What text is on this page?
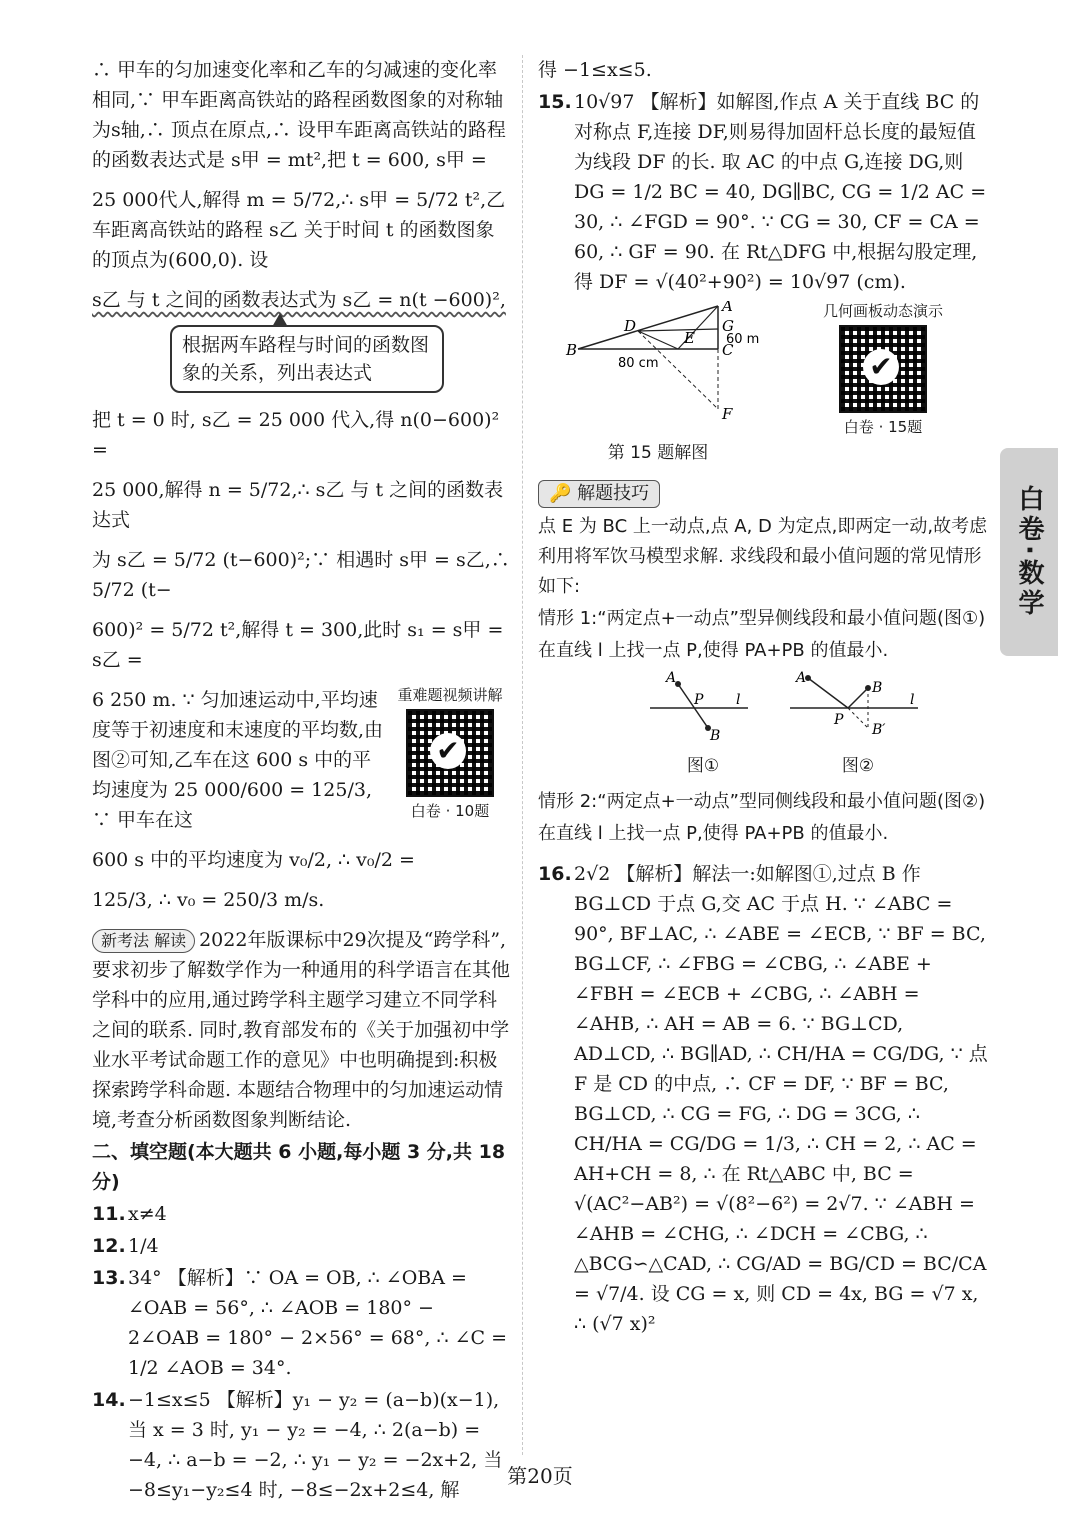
∴ 甲车的匀加速变化率和乙车的匀减速的变化率相同,∵ 甲车距离高铁站的路程函数图象的对称轴为s轴,∴ 顶点在原点,∴ 设甲车距离高铁站的路程的函数表达式是 s甲 = mt²,把 t = 600, s甲 =

25 000代人,解得 m = 5/72,∴ s甲 = 5/72 t²,乙车距离高铁站的路程 s乙 关于时间 t 的函数图象的顶点为(600,0). 设

s乙 与 t 之间的函数表达式为 s乙 = n(t −600)²,

根据两车路程与时间的函数图象的关系，列出表达式

把 t = 0 时, s乙 = 25 000 代入,得 n(0−600)² =

25 000,解得 n = 5/72,∴ s乙 与 t 之间的函数表达式

为 s乙 = 5/72 (t−600)²;∵ 相遇时 s甲 = s乙,∴ 5/72 (t−

600)² = 5/72 t²,解得 t = 300,此时 s₁ = s甲 = s乙 =

重难题视频讲解
✔
白卷 · 10题

6 250 m. ∵ 匀加速运动中,平均速度等于初速度和末速度的平均数,由图②可知,乙车在这 600 s 中的平均速度为 25 000/600 = 125/3, ∵ 甲车在这

600 s 中的平均速度为 v₀/2, ∴ v₀/2 =

125/3, ∴ v₀ = 250/3 m/s.

新考法 解读 2022年版课标中29次提及“跨学科”,要求初步了解数学作为一种通用的科学语言在其他学科中的应用,通过跨学科主题学习建立不同学科之间的联系. 同时,教育部发布的《关于加强初中学业水平考试命题工作的意见》中也明确提到:积极探索跨学科命题. 本题结合物理中的匀加速运动情境,考查分析函数图象判断结论.

二、填空题(本大题共 6 小题,每小题 3 分,共 18 分)

11. x≠4
12. 1/4
13. 34° 【解析】∵ OA = OB, ∴ ∠OBA = ∠OAB = 56°, ∴ ∠AOB = 180° − 2∠OAB = 180° − 2×56° = 68°, ∴ ∠C = 1/2 ∠AOB = 34°.
14. −1≤x≤5 【解析】y₁ − y₂ = (a−b)(x−1), 当 x = 3 时, y₁ − y₂ = −4, ∴ 2(a−b) = −4, ∴ a−b = −2, ∴ y₁ − y₂ = −2x+2, 当 −8≤y₁−y₂≤4 时, −8≤−2x+2≤4, 解

得 −1≤x≤5.

15. 10√97 【解析】如解图,作点 A 关于直线 BC 的对称点 F,连接 DF,则易得加固杆总长度的最短值为线段 DF 的长. 取 AC 的中点 G,连接 DG,则 DG = 1/2 BC = 40, DG∥BC, CG = 1/2 AC = 30, ∴ ∠FGD = 90°. ∵ CG = 30, CF = CA = 60, ∴ GF = 90. 在 Rt△DFG 中,根据勾股定理,得 DF = √(40²+90²) = 10√97 (cm).
B
A
D
E
G
C
F
60 m
80 cm
第 15 题解图
几何画板动态演示
✔
白卷 · 15题
🔑 解题技巧

点 E 为 BC 上一动点,点 A, D 为定点,即两定一动,故考虑利用将军饮马模型求解. 求线段和最小值问题的常见情形如下:

情形 1:“两定点+一动点”型异侧线段和最小值问题(图①)

在直线 l 上找一点 P,使得 PA+PB 的值最小.

A
P
B
l
图①
A
B
P
B′
l
图②

情形 2:“两定点+一动点”型同侧线段和最小值问题(图②)

在直线 l 上找一点 P,使得 PA+PB 的值最小.

16. 2√2 【解析】解法一:如解图①,过点 B 作 BG⊥CD 于点 G,交 AC 于点 H. ∵ ∠ABC = 90°, BF⊥AC, ∴ ∠ABE = ∠ECB, ∵ BF = BC, BG⊥CF, ∴ ∠FBG = ∠CBG, ∴ ∠ABE + ∠FBH = ∠ECB + ∠CBG, ∴ ∠ABH = ∠AHB, ∴ AH = AB = 6. ∵ BG⊥CD, AD⊥CD, ∴ BG∥AD, ∴ CH/HA = CG/DG, ∵ 点 F 是 CD 的中点, ∴ CF = DF, ∵ BF = BC, BG⊥CD, ∴ CG = FG, ∴ DG = 3CG, ∴ CH/HA = CG/DG = 1/3, ∴ CH = 2, ∴ AC = AH+CH = 8, ∴ 在 Rt△ABC 中, BC = √(AC²−AB²) = √(8²−6²) = 2√7. ∵ ∠ABH = ∠AHB = ∠CHG, ∴ ∠DCH = ∠CBG, ∴ △BCG∽△CAD, ∴ CG/AD = BG/CD = BC/CA = √7/4. 设 CG = x, 则 CD = 4x, BG = √7 x, ∴ (√7 x)²
白卷·数学
第20页
